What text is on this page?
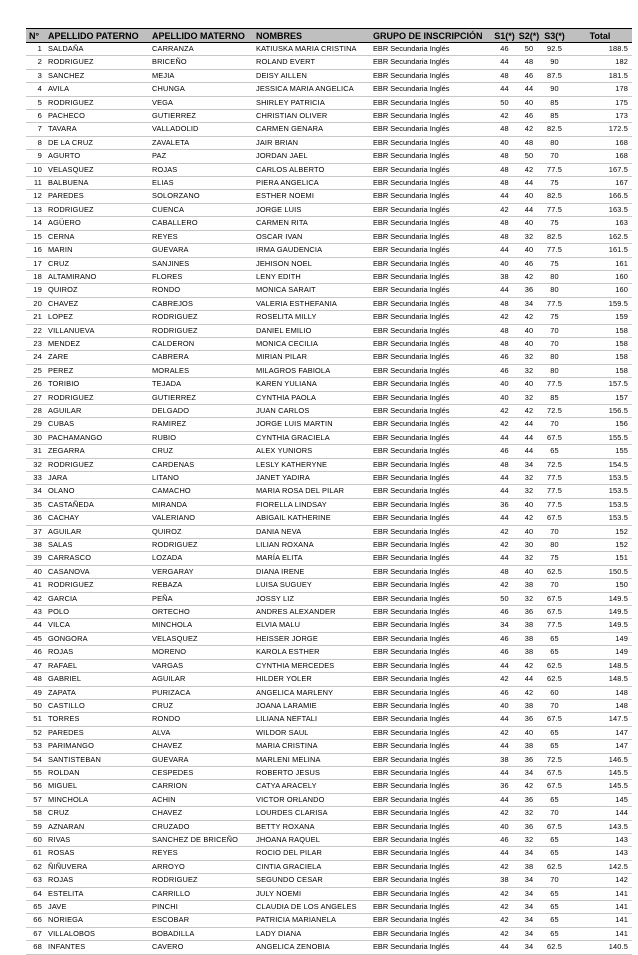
N°	APELLIDO PATERNO	APELLIDO MATERNO	NOMBRES	GRUPO DE INSCRIPCIÓN	S1(*)	S2(*)	S3(*)	Total
1	SALDAÑA	CARRANZA	KATIUSKA MARIA CRISTINA	EBR Secundaria Inglés	46	50	92.5	188.5
2	RODRIGUEZ	BRICEÑO	ROLAND EVERT	EBR Secundaria Inglés	44	48	90	182
3	SANCHEZ	MEJIA	DEISY AILLEN	EBR Secundaria Inglés	48	46	87.5	181.5
4	AVILA	CHUNGA	JESSICA MARIA ANGELICA	EBR Secundaria Inglés	44	44	90	178
5	RODRIGUEZ	VEGA	SHIRLEY PATRICIA	EBR Secundaria Inglés	50	40	85	175
6	PACHECO	GUTIERREZ	CHRISTIAN OLIVER	EBR Secundaria Inglés	42	46	85	173
7	TAVARA	VALLADOLID	CARMEN GENARA	EBR Secundaria Inglés	48	42	82.5	172.5
8	DE LA CRUZ	ZAVALETA	JAIR BRIAN	EBR Secundaria Inglés	40	48	80	168
9	AGURTO	PAZ	JORDAN JAEL	EBR Secundaria Inglés	48	50	70	168
10	VELASQUEZ	ROJAS	CARLOS ALBERTO	EBR Secundaria Inglés	48	42	77.5	167.5
11	BALBUENA	ELIAS	PIERA ANGELICA	EBR Secundaria Inglés	48	44	75	167
12	PAREDES	SOLORZANO	ESTHER NOEMI	EBR Secundaria Inglés	44	40	82.5	166.5
13	RODRIGUEZ	CUENCA	JORGE LUIS	EBR Secundaria Inglés	42	44	77.5	163.5
14	AGÜERO	CABALLERO	CARMEN RITA	EBR Secundaria Inglés	48	40	75	163
15	CERNA	REYES	OSCAR IVAN	EBR Secundaria Inglés	48	32	82.5	162.5
16	MARIN	GUEVARA	IRMA GAUDENCIA	EBR Secundaria Inglés	44	40	77.5	161.5
17	CRUZ	SANJINES	JEHISON NOEL	EBR Secundaria Inglés	40	46	75	161
18	ALTAMIRANO	FLORES	LENY EDITH	EBR Secundaria Inglés	38	42	80	160
19	QUIROZ	RONDO	MONICA SARAIT	EBR Secundaria Inglés	44	36	80	160
20	CHAVEZ	CABREJOS	VALERIA ESTHEFANIA	EBR Secundaria Inglés	48	34	77.5	159.5
21	LOPEZ	RODRIGUEZ	ROSELITA MILLY	EBR Secundaria Inglés	42	42	75	159
22	VILLANUEVA	RODRIGUEZ	DANIEL EMILIO	EBR Secundaria Inglés	48	40	70	158
23	MENDEZ	CALDERON	MONICA CECILIA	EBR Secundaria Inglés	48	40	70	158
24	ZARE	CABRERA	MIRIAN PILAR	EBR Secundaria Inglés	46	32	80	158
25	PEREZ	MORALES	MILAGROS FABIOLA	EBR Secundaria Inglés	46	32	80	158
26	TORIBIO	TEJADA	KAREN YULIANA	EBR Secundaria Inglés	40	40	77.5	157.5
27	RODRIGUEZ	GUTIERREZ	CYNTHIA PAOLA	EBR Secundaria Inglés	40	32	85	157
28	AGUILAR	DELGADO	JUAN CARLOS	EBR Secundaria Inglés	42	42	72.5	156.5
29	CUBAS	RAMIREZ	JORGE LUIS MARTIN	EBR Secundaria Inglés	42	44	70	156
30	PACHAMANGO	RUBIO	CYNTHIA GRACIELA	EBR Secundaria Inglés	44	44	67.5	155.5
31	ZEGARRA	CRUZ	ALEX YUNIORS	EBR Secundaria Inglés	46	44	65	155
32	RODRIGUEZ	CARDENAS	LESLY KATHERYNE	EBR Secundaria Inglés	48	34	72.5	154.5
33	JARA	LITANO	JANET YADIRA	EBR Secundaria Inglés	44	32	77.5	153.5
34	OLANO	CAMACHO	MARIA ROSA DEL PILAR	EBR Secundaria Inglés	44	32	77.5	153.5
35	CASTAÑEDA	MIRANDA	FIORELLA LINDSAY	EBR Secundaria Inglés	36	40	77.5	153.5
36	CACHAY	VALERIANO	ABIGAIL KATHERINE	EBR Secundaria Inglés	44	42	67.5	153.5
37	AGUILAR	QUIROZ	DANIA NEVA	EBR Secundaria Inglés	42	40	70	152
38	SALAS	RODRIGUEZ	LILIAN ROXANA	EBR Secundaria Inglés	42	30	80	152
39	CARRASCO	LOZADA	MARÍA ELITA	EBR Secundaria Inglés	44	32	75	151
40	CASANOVA	VERGARAY	DIANA IRENE	EBR Secundaria Inglés	48	40	62.5	150.5
41	RODRIGUEZ	REBAZA	LUISA SUGUEY	EBR Secundaria Inglés	42	38	70	150
42	GARCIA	PEÑA	JOSSY LIZ	EBR Secundaria Inglés	50	32	67.5	149.5
43	POLO	ORTECHO	ANDRES ALEXANDER	EBR Secundaria Inglés	46	36	67.5	149.5
44	VILCA	MINCHOLA	ELVIA MALU	EBR Secundaria Inglés	34	38	77.5	149.5
45	GONGORA	VELASQUEZ	HEISSER JORGE	EBR Secundaria Inglés	46	38	65	149
46	ROJAS	MORENO	KAROLA ESTHER	EBR Secundaria Inglés	46	38	65	149
47	RAFAEL	VARGAS	CYNTHIA MERCEDES	EBR Secundaria Inglés	44	42	62.5	148.5
48	GABRIEL	AGUILAR	HILDER YOLER	EBR Secundaria Inglés	42	44	62.5	148.5
49	ZAPATA	PURIZACA	ANGELICA MARLENY	EBR Secundaria Inglés	46	42	60	148
50	CASTILLO	CRUZ	JOANA LARAMIE	EBR Secundaria Inglés	40	38	70	148
51	TORRES	RONDO	LILIANA NEFTALI	EBR Secundaria Inglés	44	36	67.5	147.5
52	PAREDES	ALVA	WILDOR SAUL	EBR Secundaria Inglés	42	40	65	147
53	PARIMANGO	CHAVEZ	MARIA CRISTINA	EBR Secundaria Inglés	44	38	65	147
54	SANTISTEBAN	GUEVARA	MARLENI MELINA	EBR Secundaria Inglés	38	36	72.5	146.5
55	ROLDAN	CESPEDES	ROBERTO JESUS	EBR Secundaria Inglés	44	34	67.5	145.5
56	MIGUEL	CARRION	CATYA ARACELY	EBR Secundaria Inglés	36	42	67.5	145.5
57	MINCHOLA	ACHIN	VICTOR ORLANDO	EBR Secundaria Inglés	44	36	65	145
58	CRUZ	CHAVEZ	LOURDES CLARISA	EBR Secundaria Inglés	42	32	70	144
59	AZNARAN	CRUZADO	BETTY ROXANA	EBR Secundaria Inglés	40	36	67.5	143.5
60	RIVAS	SANCHEZ DE BRICEÑO	JHOANA RAQUEL	EBR Secundaria Inglés	46	32	65	143
61	ROSAS	REYES	ROCIO DEL PILAR	EBR Secundaria Inglés	44	34	65	143
62	ÑIÑUVERA	ARROYO	CINTIA GRACIELA	EBR Secundaria Inglés	42	38	62.5	142.5
63	ROJAS	RODRIGUEZ	SEGUNDO CESAR	EBR Secundaria Inglés	38	34	70	142
64	ESTELITA	CARRILLO	JULY NOEMI	EBR Secundaria Inglés	42	34	65	141
65	JAVE	PINCHI	CLAUDIA DE LOS ANGELES	EBR Secundaria Inglés	42	34	65	141
66	NORIEGA	ESCOBAR	PATRICIA MARIANELA	EBR Secundaria Inglés	42	34	65	141
67	VILLALOBOS	BOBADILLA	LADY DIANA	EBR Secundaria Inglés	42	34	65	141
68	INFANTES	CAVERO	ANGELICA ZENOBIA	EBR Secundaria Inglés	44	34	62.5	140.5
